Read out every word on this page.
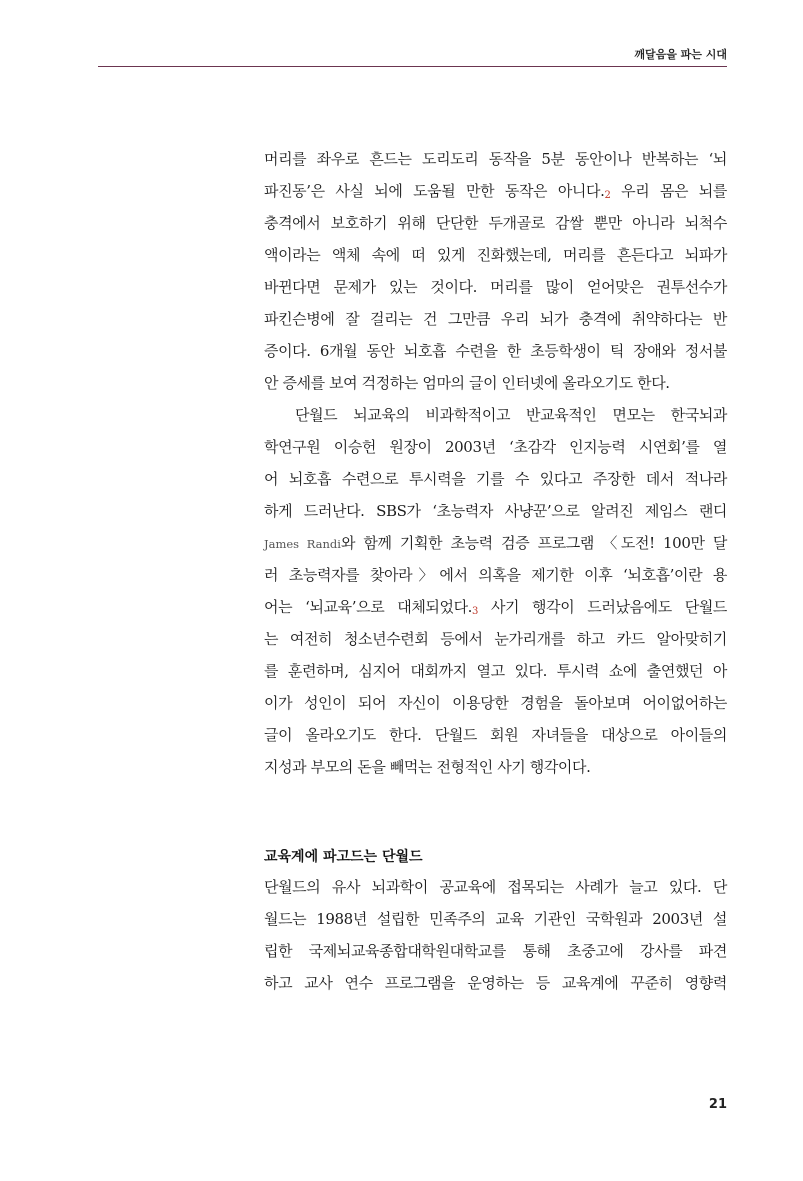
깨달음을 파는 시대
머리를 좌우로 흔드는 도리도리 동작을 5분 동안이나 반복하는 ‘뇌
파진동’은 사실 뇌에 도움될 만한 동작은 아니다.2 우리 몸은 뇌를
충격에서 보호하기 위해 단단한 두개골로 감쌀 뿐만 아니라 뇌척수
액이라는 액체 속에 떠 있게 진화했는데, 머리를 흔든다고 뇌파가
바뀐다면 문제가 있는 것이다. 머리를 많이 얻어맞은 권투선수가
파킨슨병에 잘 걸리는 건 그만큼 우리 뇌가 충격에 취약하다는 반
증이다. 6개월 동안 뇌호흡 수련을 한 초등학생이 틱 장애와 정서불
안 증세를 보여 걱정하는 엄마의 글이 인터넷에 올라오기도 한다.
단월드 뇌교육의 비과학적이고 반교육적인 면모는 한국뇌과
학연구원 이승헌 원장이 2003년 ‘초감각 인지능력 시연회’를 열
어 뇌호흡 수련으로 투시력을 기를 수 있다고 주장한 데서 적나라
하게 드러난다. SBS가 ‘초능력자 사냥꾼’으로 알려진 제임스 랜디
James Randi와 함께 기획한 초능력 검증 프로그램 〈도전! 100만 달
러 초능력자를 찾아라〉에서 의혹을 제기한 이후 ‘뇌호흡’이란 용
어는 ‘뇌교육’으로 대체되었다.3 사기 행각이 드러났음에도 단월드
는 여전히 청소년수련회 등에서 눈가리개를 하고 카드 알아맞히기
를 훈련하며, 심지어 대회까지 열고 있다. 투시력 쇼에 출연했던 아
이가 성인이 되어 자신이 이용당한 경험을 돌아보며 어이없어하는
글이 올라오기도 한다. 단월드 회원 자녀들을 대상으로 아이들의
지성과 부모의 돈을 빼먹는 전형적인 사기 행각이다.
교육계에 파고드는 단월드
단월드의 유사 뇌과학이 공교육에 접목되는 사례가 늘고 있다. 단
월드는 1988년 설립한 민족주의 교육 기관인 국학원과 2003년 설
립한 국제뇌교육종합대학원대학교를 통해 초중고에 강사를 파견
하고 교사 연수 프로그램을 운영하는 등 교육계에 꾸준히 영향력
21
